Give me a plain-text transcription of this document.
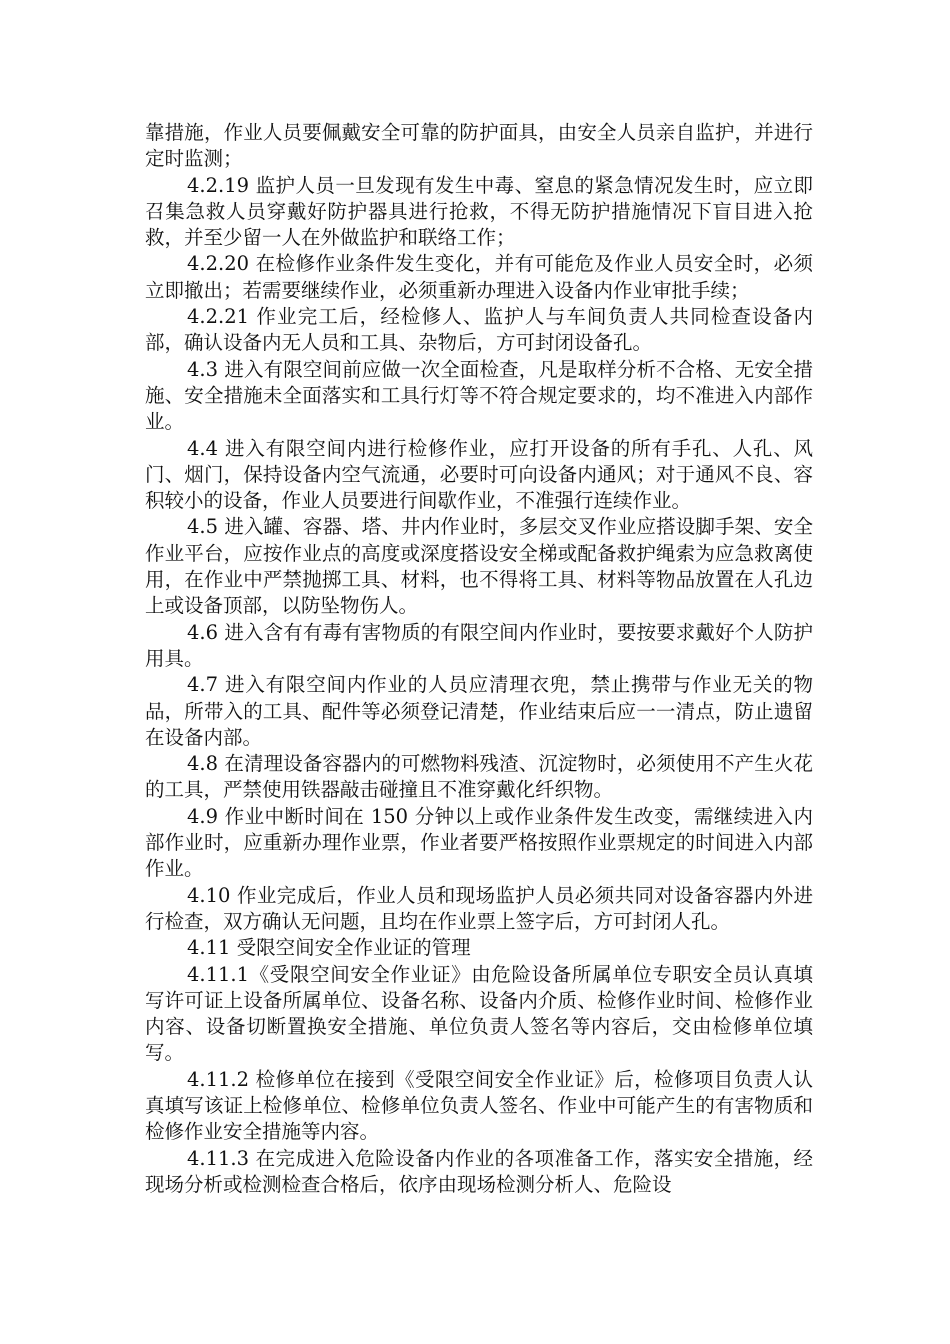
靠措施，作业人员要佩戴安全可靠的防护面具，由安全人员亲自监护，并进行定时监测；

4.2.19 监护人员一旦发现有发生中毒、窒息的紧急情况发生时，应立即召集急救人员穿戴好防护器具进行抢救，不得无防护措施情况下盲目进入抢救，并至少留一人在外做监护和联络工作；

4.2.20 在检修作业条件发生变化，并有可能危及作业人员安全时，必须立即撤出；若需要继续作业，必须重新办理进入设备内作业审批手续；

4.2.21 作业完工后，经检修人、监护人与车间负责人共同检查设备内部，确认设备内无人员和工具、杂物后，方可封闭设备孔。

4.3 进入有限空间前应做一次全面检查，凡是取样分析不合格、无安全措施、安全措施未全面落实和工具行灯等不符合规定要求的，均不准进入内部作业。

4.4 进入有限空间内进行检修作业，应打开设备的所有手孔、人孔、风门、烟门，保持设备内空气流通，必要时可向设备内通风；对于通风不良、容积较小的设备，作业人员要进行间歇作业，不准强行连续作业。

4.5 进入罐、容器、塔、井内作业时，多层交叉作业应搭设脚手架、安全作业平台，应按作业点的高度或深度搭设安全梯或配备救护绳索为应急救离使用，在作业中严禁抛掷工具、材料，也不得将工具、材料等物品放置在人孔边上或设备顶部，以防坠物伤人。

4.6 进入含有有毒有害物质的有限空间内作业时，要按要求戴好个人防护用具。

4.7 进入有限空间内作业的人员应清理衣兜，禁止携带与作业无关的物品，所带入的工具、配件等必须登记清楚，作业结束后应一一清点，防止遗留在设备内部。

4.8 在清理设备容器内的可燃物料残渣、沉淀物时，必须使用不产生火花的工具，严禁使用铁器敲击碰撞且不准穿戴化纤织物。

4.9 作业中断时间在 150 分钟以上或作业条件发生改变，需继续进入内部作业时，应重新办理作业票，作业者要严格按照作业票规定的时间进入内部作业。

4.10 作业完成后，作业人员和现场监护人员必须共同对设备容器内外进行检查，双方确认无问题，且均在作业票上签字后，方可封闭人孔。

4.11 受限空间安全作业证的管理

4.11.1《受限空间安全作业证》由危险设备所属单位专职安全员认真填写许可证上设备所属单位、设备名称、设备内介质、检修作业时间、检修作业内容、设备切断置换安全措施、单位负责人签名等内容后，交由检修单位填写。

4.11.2 检修单位在接到《受限空间安全作业证》后，检修项目负责人认真填写该证上检修单位、检修单位负责人签名、作业中可能产生的有害物质和检修作业安全措施等内容。

4.11.3 在完成进入危险设备内作业的各项准备工作，落实安全措施，经现场分析或检测检查合格后，依序由现场检测分析人、危险设
